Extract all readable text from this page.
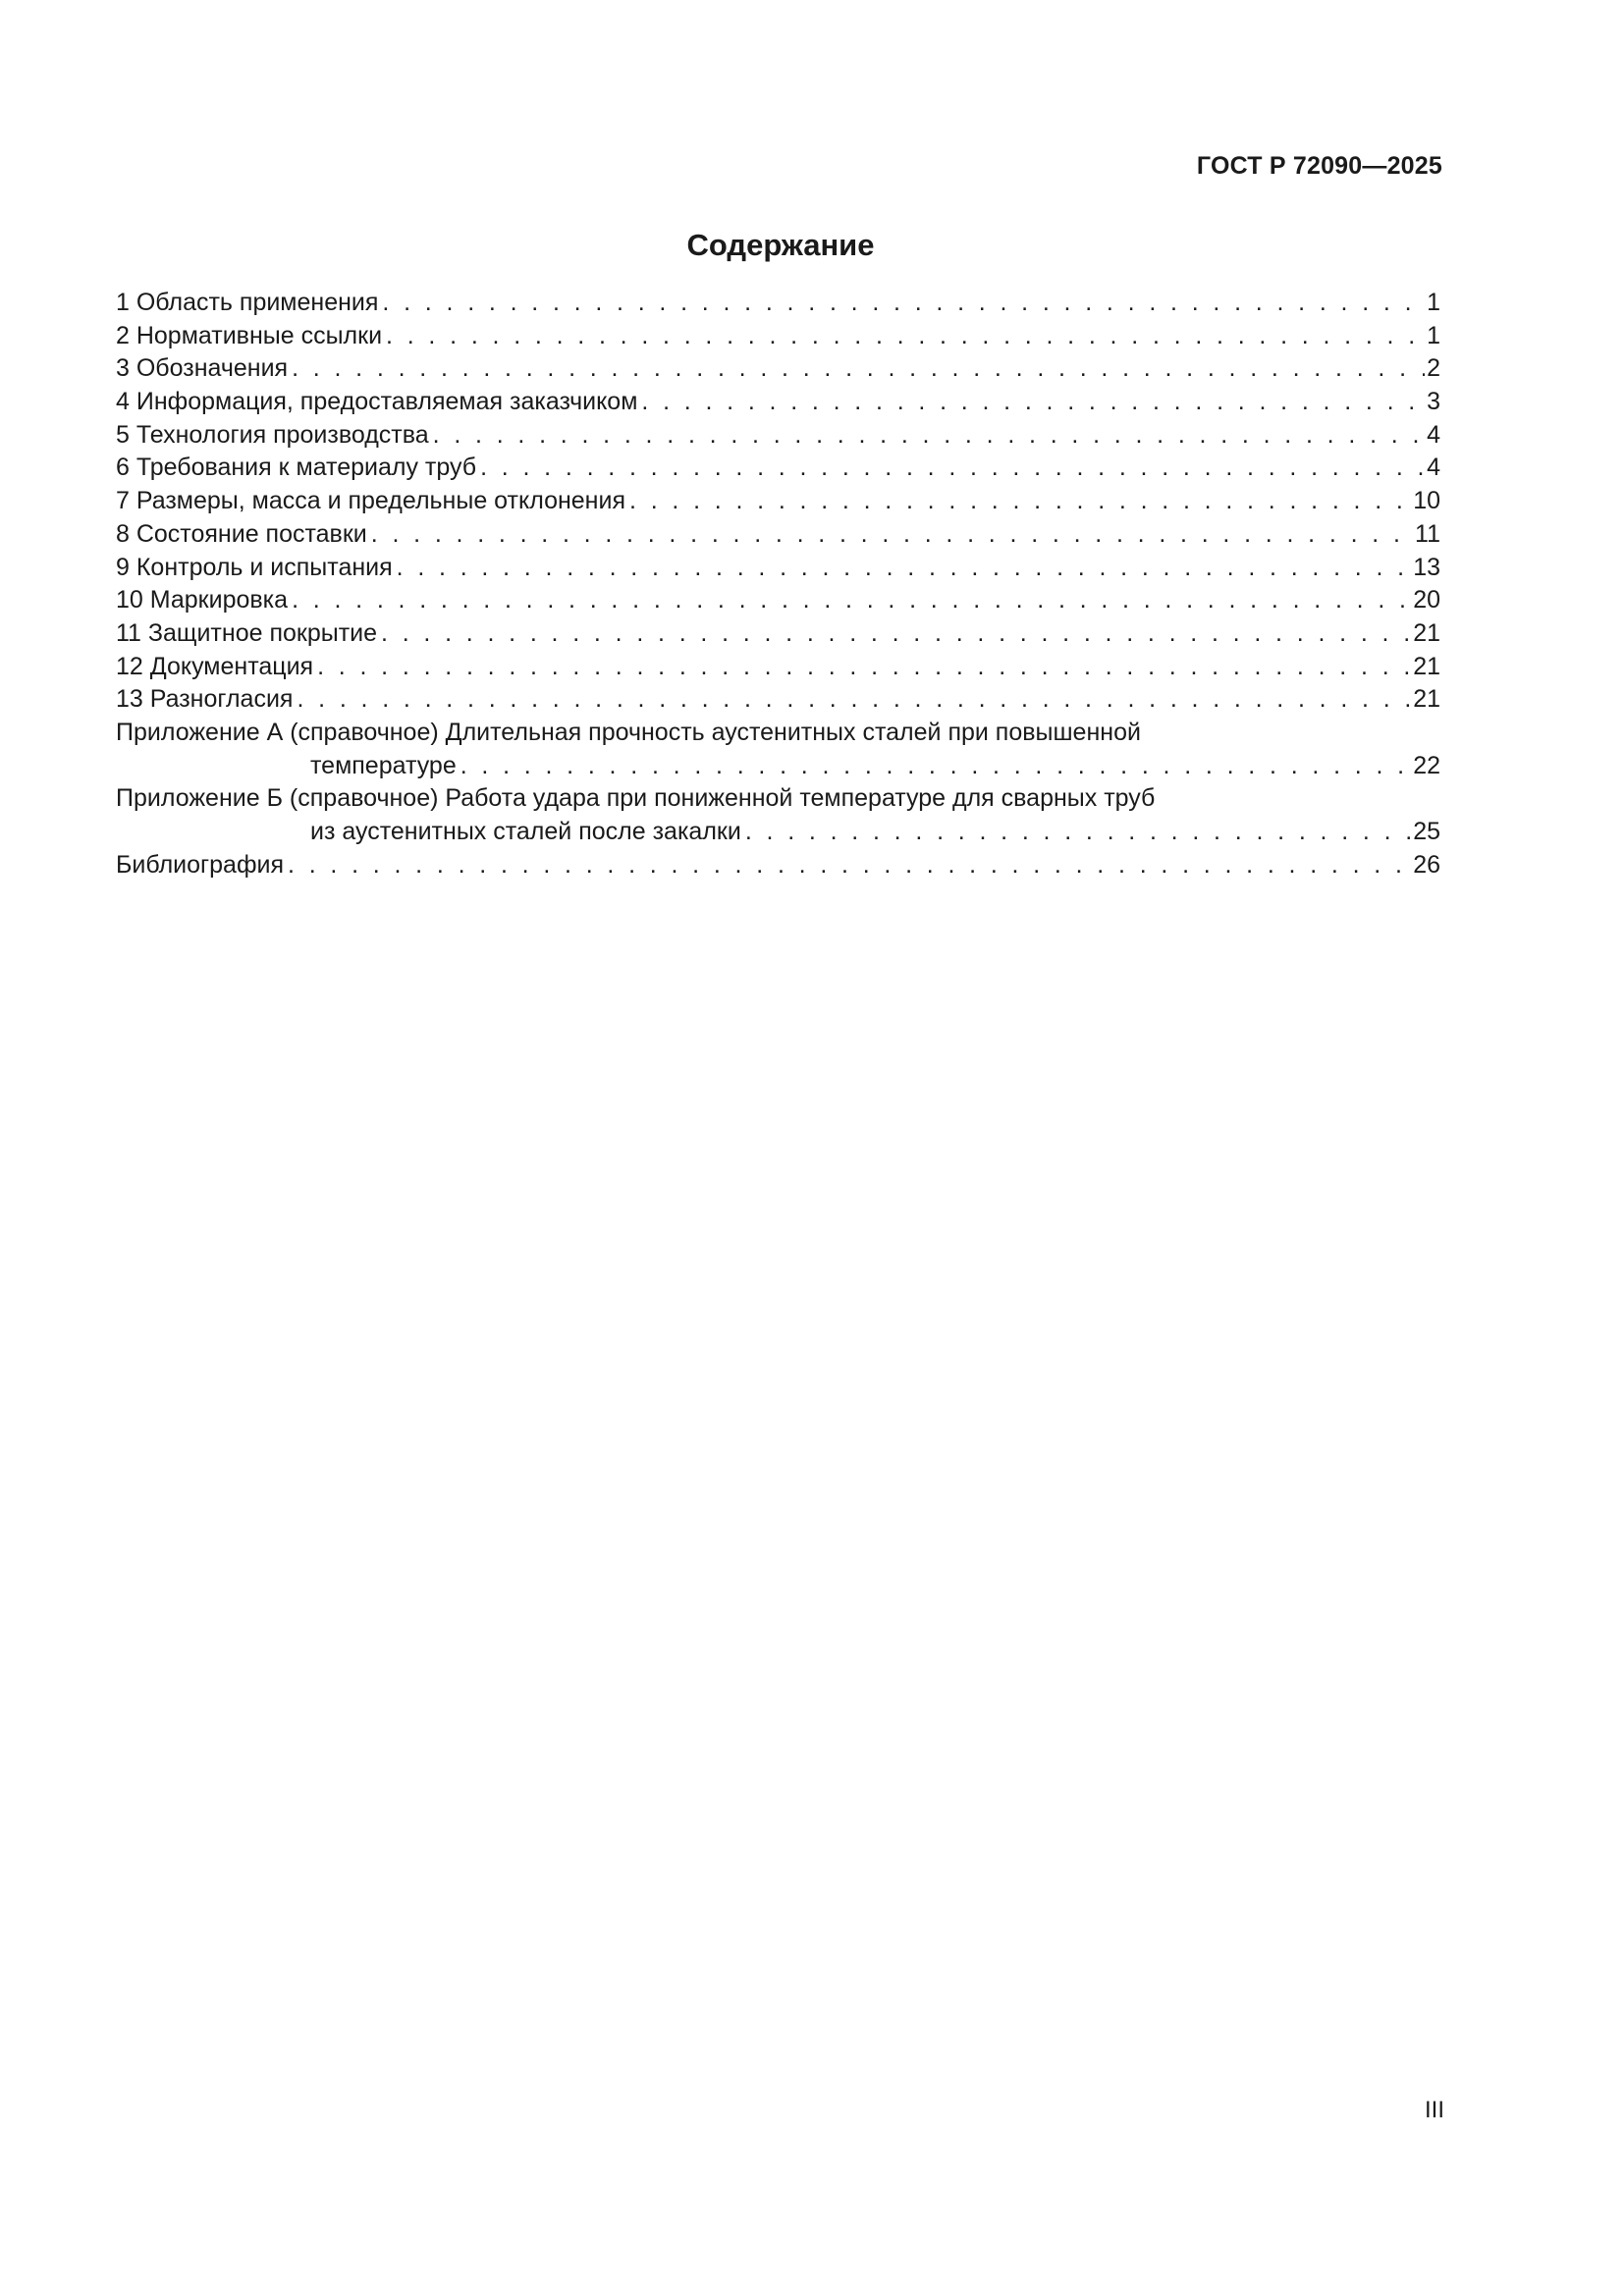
ГОСТ Р 72090—2025
Содержание
1 Область применения . . .	1
2 Нормативные ссылки . . .	1
3 Обозначения . . .	2
4 Информация, предоставляемая заказчиком . . .	3
5 Технология производства . . .	4
6 Требования к материалу труб . . .	4
7 Размеры, масса и предельные отклонения . . .	10
8 Состояние поставки . . .	11
9 Контроль и испытания . . .	13
10 Маркировка . . .	20
11 Защитное покрытие . . .	21
12 Документация . . .	21
13 Разногласия . . .	21
Приложение А (справочное) Длительная прочность аустенитных сталей при повышенной
температуре . . .	22
Приложение Б (справочное) Работа удара при пониженной температуре для сварных труб
из аустенитных сталей после закалки . . .	25
Библиография . . .	26
III
